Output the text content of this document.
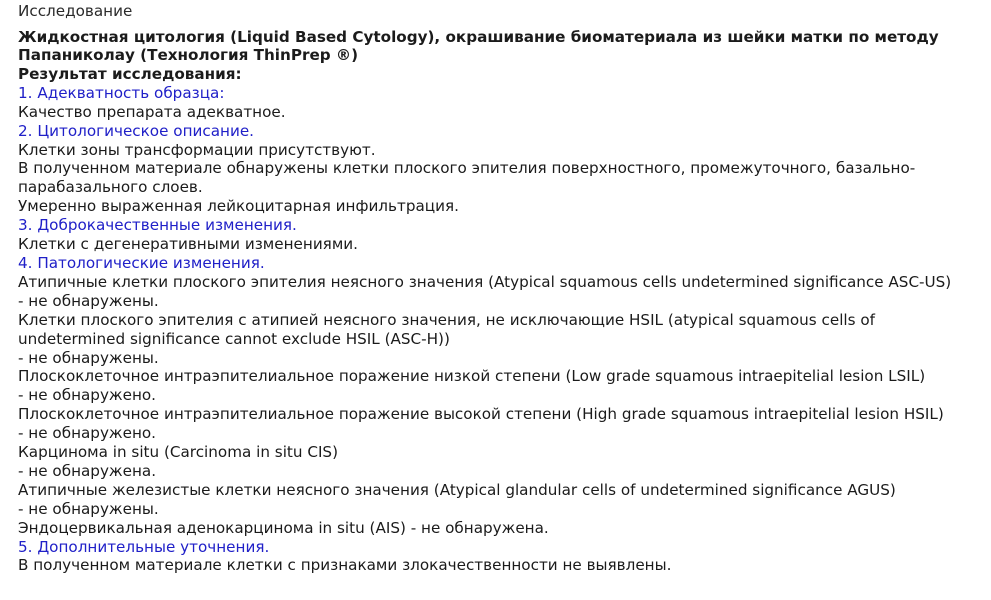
Исследование
Жидкостная цитология (Liquid Based Cytology), окрашивание биоматериала из шейки матки по методу
Папаниколау (Технология ThinPrep ®)
Результат исследования:
1. Адекватность образца:
Качество препарата адекватное.
2. Цитологическое описание.
Клетки зоны трансформации присутствуют.
В полученном материале обнаружены клетки плоского эпителия поверхностного, промежуточного, базально-
парабазального слоев.
Умеренно выраженная лейкоцитарная инфильтрация.
3. Доброкачественные изменения.
Клетки с дегенеративными изменениями.
4. Патологические изменения.
Атипичные клетки плоского эпителия неясного значения (Atypical squamous cells undetermined significance ASC-US)
- не обнаружены.
Клетки плоского эпителия с атипией неясного значения, не исключающие HSIL (atypical squamous cells of
undetermined significance cannot exclude HSIL (ASC-H))
- не обнаружены.
Плоскоклеточное интраэпителиальное поражение низкой степени (Low grade squamous intraepitelial lesion LSIL)
- не обнаружено.
Плоскоклеточное интраэпителиальное поражение высокой степени (High grade squamous intraepitelial lesion HSIL)
- не обнаружено.
Карцинома in situ (Carcinoma in situ CIS)
- не обнаружена.
Атипичные железистые клетки неясного значения (Atypical glandular cells of undetermined significance AGUS)
- не обнаружены.
Эндоцервикальная аденокарцинома in situ (AIS) - не обнаружена.
5. Дополнительные уточнения.
В полученном материале клетки с признаками злокачественности не выявлены.
